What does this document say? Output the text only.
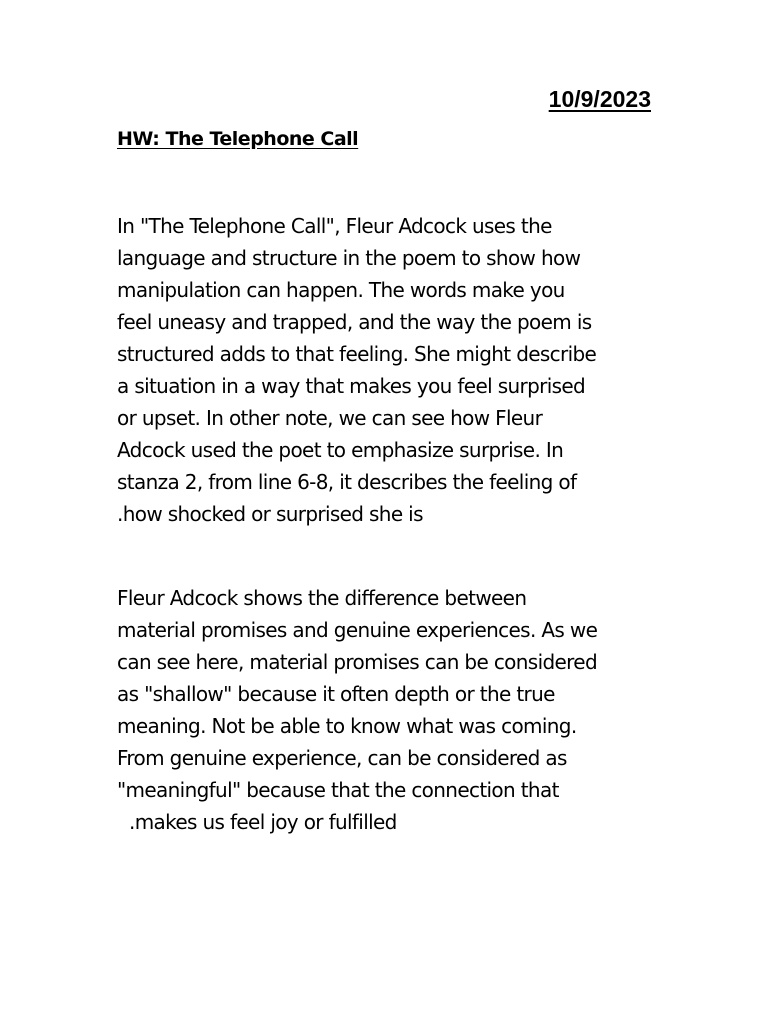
10/9/2023
HW: The Telephone Call
In "The Telephone Call", Fleur Adcock uses the
language and structure in the poem to show how
manipulation can happen. The words make you
feel uneasy and trapped, and the way the poem is
structured adds to that feeling. She might describe
a situation in a way that makes you feel surprised
or upset. In other note, we can see how Fleur
Adcock used the poet to emphasize surprise. In
stanza 2, from line 6-8, it describes the feeling of
.how shocked or surprised she is
Fleur Adcock shows the difference between
material promises and genuine experiences. As we
can see here, material promises can be considered
as "shallow" because it often depth or the true
meaning. Not be able to know what was coming.
From genuine experience, can be considered as
"meaningful" because that the connection that
.makes us feel joy or fulfilled
